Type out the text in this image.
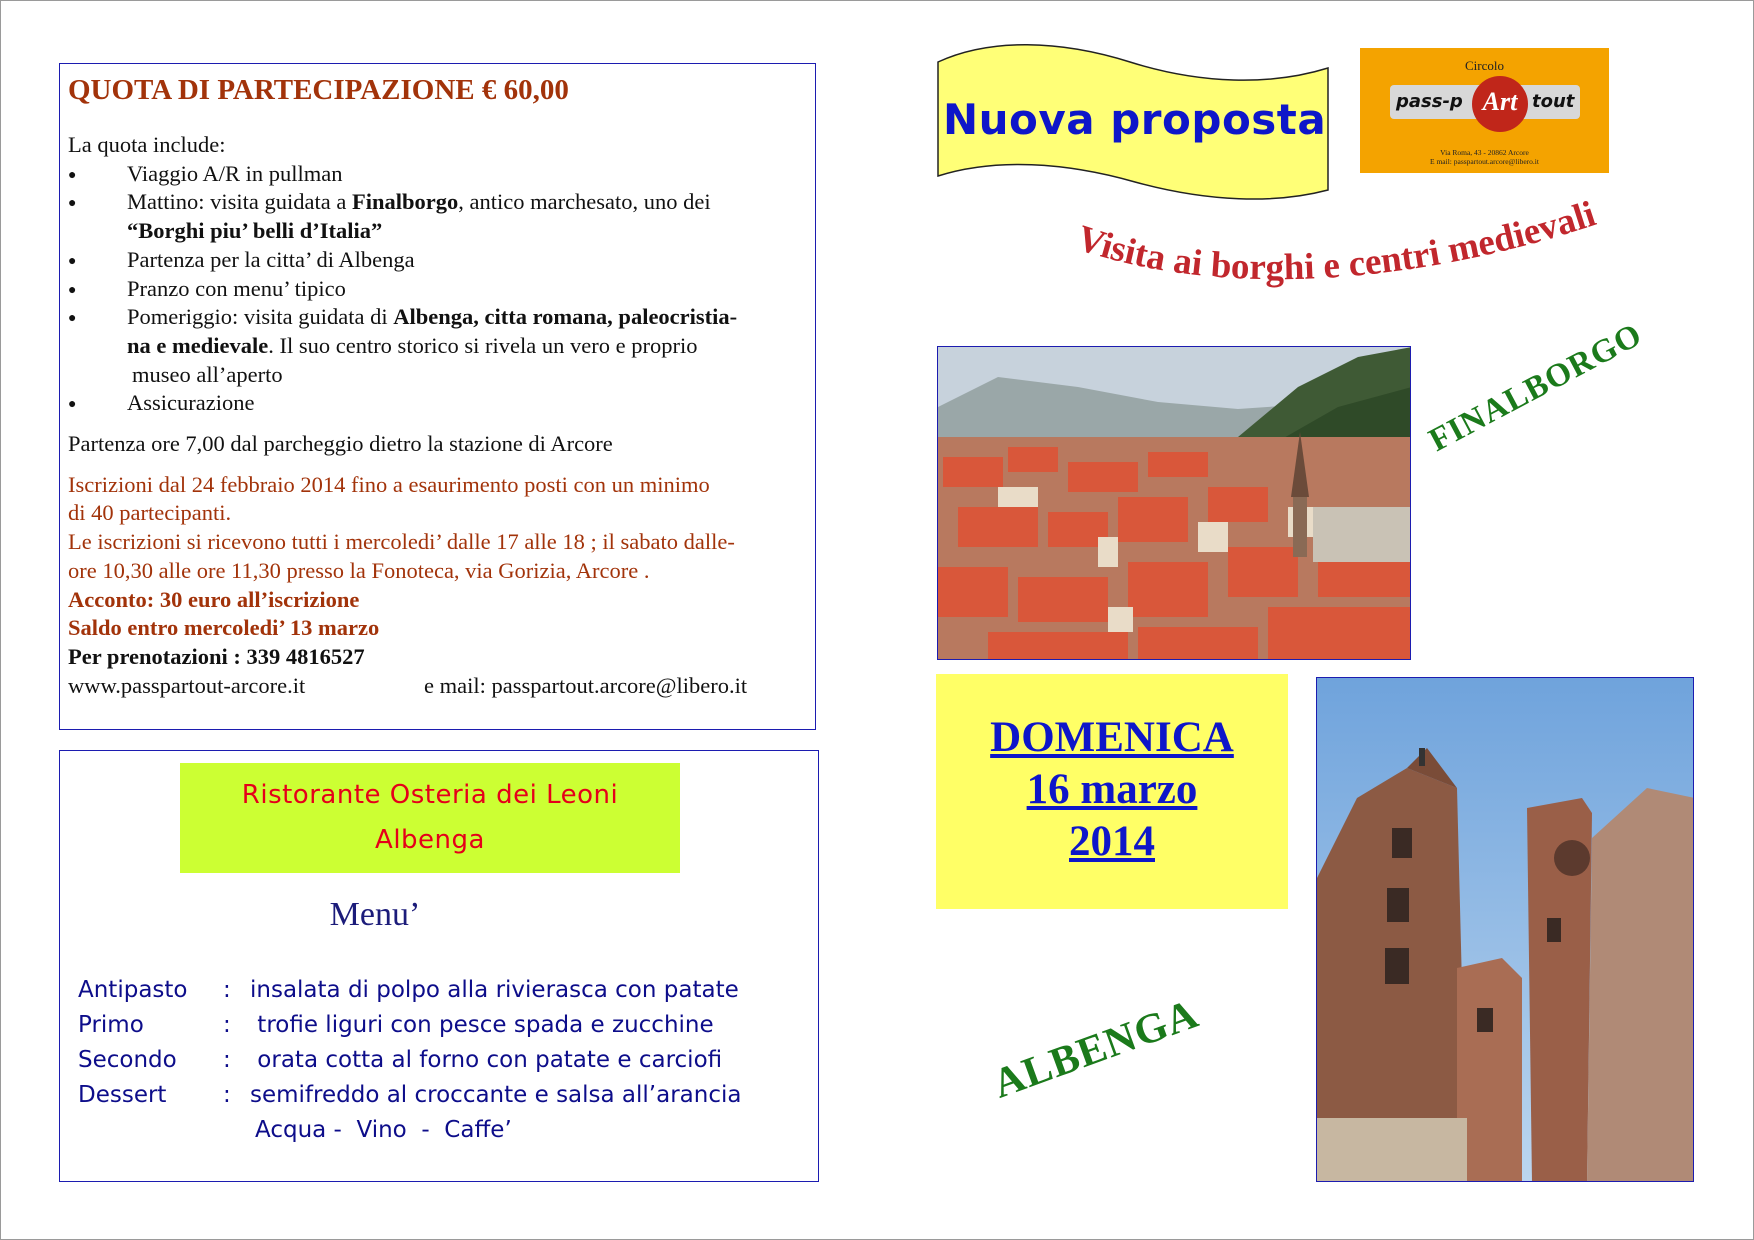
QUOTA DI PARTECIPAZIONE € 60,00

La quota include:

● Viaggio A/R in pullman
● Mattino: visita guidata a Finalborgo, antico marchesato, uno dei
“Borghi piu’ belli d’Italia”
● Partenza per la citta’ di Albenga
● Pranzo con menu’ tipico
● Pomeriggio: visita guidata di Albenga, citta romana, paleocristia-
na e medievale. Il suo centro storico si rivela un vero e proprio
museo all’aperto
● Assicurazione

Partenza ore 7,00 dal parcheggio dietro la stazione di Arcore

Iscrizioni dal 24 febbraio 2014 fino a esaurimento posti con un minimo

di 40 partecipanti.

Le iscrizioni si ricevono tutti i mercoledi’ dalle 17 alle 18 ; il sabato dalle-

ore 10,30 alle ore 11,30 presso la Fonoteca, via Gorizia, Arcore .

Acconto: 30 euro all’iscrizione

Saldo entro mercoledi’ 13 marzo

Per prenotazioni : 339 4816527

www.passpartout-arcore.it	e mail: passpartout.arcore@libero.it
Ristorante Osteria dei Leoni
Albenga
Menu’
Antipasto : insalata di polpo alla rivierasca con patate
Primo	: trofie liguri con pesce spada e zucchine
Secondo : orata cotta al forno con patate e carciofi
Dessert : semifreddo al croccante e salsa all’arancia
Acqua -  Vino  -  Caffe’
Nuova proposta
Circolo
pass-p Art tout
Via Roma, 43 - 20862 Arcore
E mail: passpartout.arcore@libero.it
Visita ai borghi e centri medievali
FINALBORGO
ALBENGA
DOMENICA
16 marzo
2014
